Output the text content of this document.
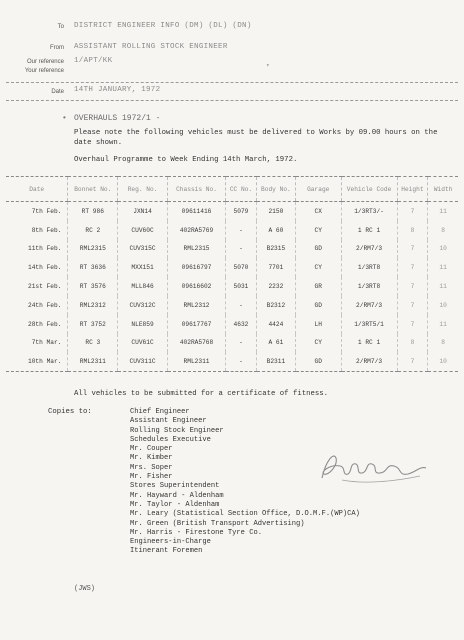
To DISTRICT ENGINEER INFO (DM) (DL) (DN)
From ASSISTANT ROLLING STOCK ENGINEER
Our reference 1/APT/KK
Your reference
▾
Date 14TH JANUARY, 1972
• OVERHAULS 1972/1 -
Please note the following vehicles must be delivered to Works by 09.00 hours on the date shown.
Overhaul Programme to Week Ending 14th March, 1972.
Date	Bonnet No.	Reg. No.	Chassis No.	CC No.	Body No.	Garage	Vehicle Code	Height	Width
7th Feb.	RT 986	JXN14	09611416	5079	2150	CX	1/3RT3/-	7	11
8th Feb.	RC 2	CUV60C	402RA5769	-	A 60	CY	1 RC 1	8	8
11th Feb.	RML2315	CUV315C	RML2315	-	B2315	GD	2/RM7/3	7	10
14th Feb.	RT 3636	MXX151	09616797	5070	7701	CY	1/3RT8	7	11
21st Feb.	RT 3576	MLL846	09616602	5031	2232	GR	1/3RT8	7	11
24th Feb.	RML2312	CUV312C	RML2312	-	B2312	GD	2/RM7/3	7	10
28th Feb.	RT 3752	NLE859	09617767	4632	4424	LH	1/3RT5/1	7	11
7th Mar.	RC 3	CUV61C	402RA5768	-	A 61	CY	1 RC 1	8	8
10th Mar.	RML2311	CUV311C	RML2311	-	B2311	GD	2/RM7/3	7	10
All vehicles to be submitted for a certificate of fitness.
Copies to:	Chief Engineer
Assistant Engineer
Rolling Stock Engineer
Schedules Executive
Mr. Couper
Mr. Kimber
Mrs. Soper
Mr. Fisher
Stores Superintendent
Mr. Hayward - Aldenham
Mr. Taylor - Aldenham
Mr. Leary (Statistical Section Office, D.O.M.F.(WP)CA)
Mr. Green (British Transport Advertising)
Mr. Harris - Firestone Tyre Co.
Engineers-in-Charge
Itinerant Foremen
(JWS)
